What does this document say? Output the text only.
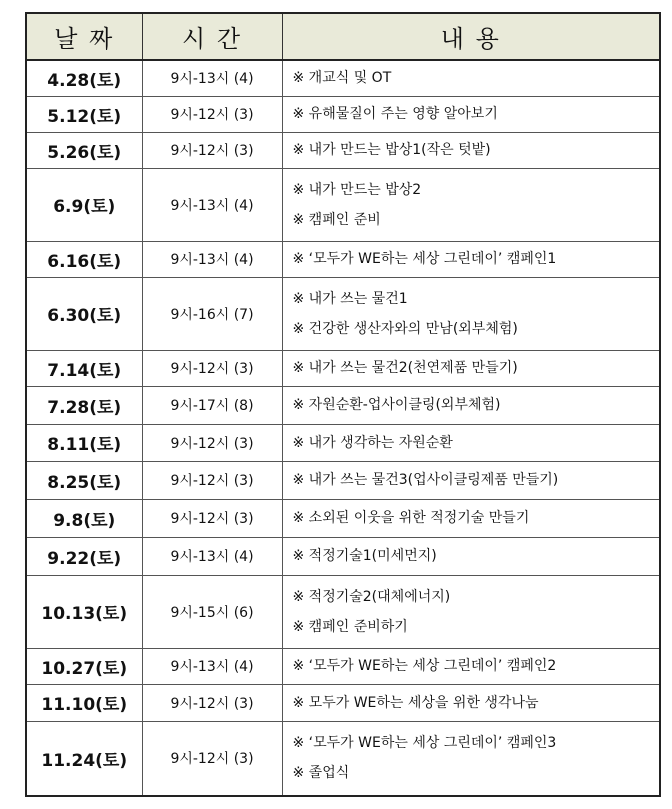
날 짜	시 간	내 용
4.28(토)	9시-13시 (4)	※ 개교식 및 OT

5.12(토)	9시-12시 (3)	※ 유해물질이 주는 영향 알아보기

5.26(토)	9시-12시 (3)	※ 내가 만드는 밥상1(작은 텃밭)

6.9(토)	9시-13시 (4)	※ 내가 만드는 밥상2
※ 캠페인 준비

6.16(토)	9시-13시 (4)	※ ‘모두가 WE하는 세상 그린데이’ 캠페인1

6.30(토)	9시-16시 (7)	※ 내가 쓰는 물건1
※ 건강한 생산자와의 만남(외부체험)

7.14(토)	9시-12시 (3)	※ 내가 쓰는 물건2(천연제품 만들기)

7.28(토)	9시-17시 (8)	※ 자원순환-업사이클링(외부체험)

8.11(토)	9시-12시 (3)	※ 내가 생각하는 자원순환

8.25(토)	9시-12시 (3)	※ 내가 쓰는 물건3(업사이클링제품 만들기)

9.8(토)	9시-12시 (3)	※ 소외된 이웃을 위한 적정기술 만들기

9.22(토)	9시-13시 (4)	※ 적정기술1(미세먼지)

10.13(토)	9시-15시 (6)	※ 적정기술2(대체에너지)
※ 캠페인 준비하기

10.27(토)	9시-13시 (4)	※ ‘모두가 WE하는 세상 그린데이’ 캠페인2

11.10(토)	9시-12시 (3)	※ 모두가 WE하는 세상을 위한 생각나눔

11.24(토)	9시-12시 (3)	※ ‘모두가 WE하는 세상 그린데이’ 캠페인3
※ 졸업식
